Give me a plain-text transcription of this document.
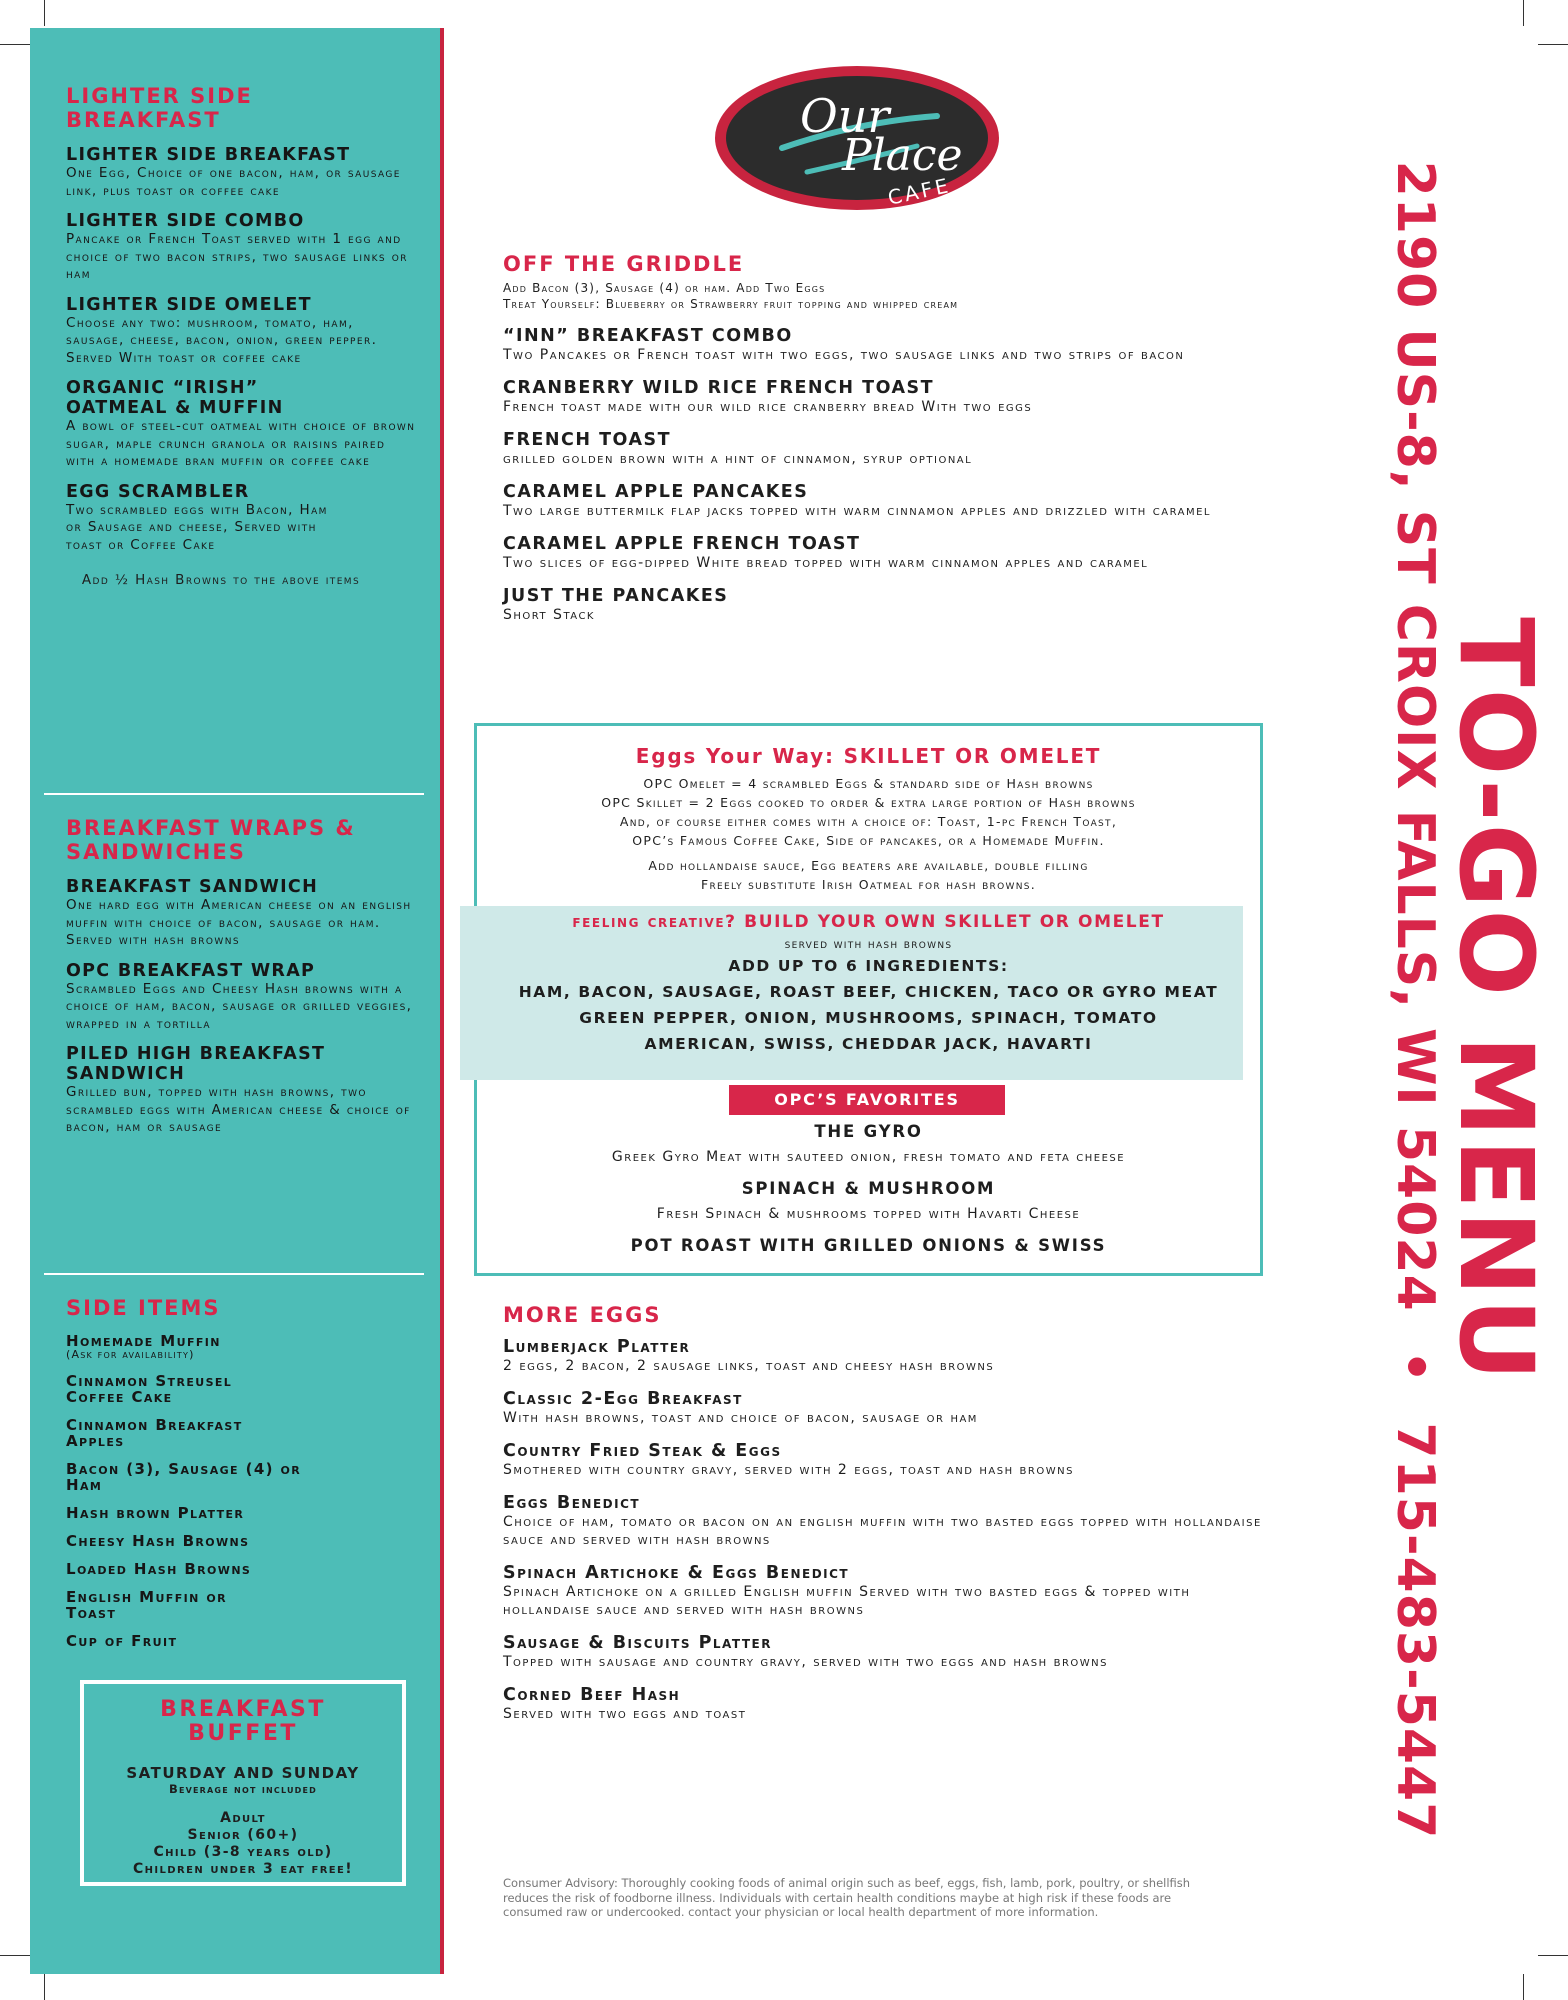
LIGHTER SIDE BREAKFAST
LIGHTER SIDE BREAKFAST
One Egg, Choice of one bacon, ham, or sausage link, plus toast or coffee cake
LIGHTER SIDE COMBO
Pancake or French Toast served with 1 egg and choice of two bacon strips, two sausage links or ham
LIGHTER SIDE OMELET
Choose any two: mushroom, tomato, ham, sausage, cheese, bacon, onion, green pepper. Served With toast or coffee cake
ORGANIC “IRISH” OATMEAL & MUFFIN
A bowl of steel-cut oatmeal with choice of brown sugar, maple crunch granola or raisins paired with a homemade bran muffin or coffee cake
EGG SCRAMBLER
Two scrambled eggs with Bacon, Ham or Sausage and cheese, Served with toast or Coffee Cake
Add ½ Hash Browns to the above items
BREAKFAST WRAPS & SANDWICHES
BREAKFAST SANDWICH
One hard egg with American cheese on an english muffin with choice of bacon, sausage or ham. Served with hash browns
OPC BREAKFAST WRAP
Scrambled Eggs and Cheesy Hash browns with a choice of ham, bacon, sausage or grilled veggies, wrapped in a tortilla
PILED HIGH BREAKFAST SANDWICH
Grilled bun, topped with hash browns, two scrambled eggs with American cheese & choice of bacon, ham or sausage
SIDE ITEMS
Homemade Muffin
(Ask for availability)
Cinnamon Streusel Coffee Cake
Cinnamon Breakfast Apples
Bacon (3), Sausage (4) or Ham
Hash brown Platter
Cheesy Hash Browns
Loaded Hash Browns
English Muffin or Toast
Cup of Fruit
BREAKFAST BUFFET
SATURDAY AND SUNDAY
Beverage not included
Adult
Senior (60+)
Child (3-8 years old)
Children under 3 eat free!
Our
Place
CAFE
OFF THE GRIDDLE
Add Bacon (3), Sausage (4) or ham. Add Two Eggs
Treat Yourself: Blueberry or Strawberry fruit topping and whipped cream
“INN” BREAKFAST COMBO
Two Pancakes or French toast with two eggs, two sausage links and two strips of bacon
CRANBERRY WILD RICE FRENCH TOAST
French toast made with our wild rice cranberry bread With two eggs
FRENCH TOAST
grilled golden brown with a hint of cinnamon, syrup optional
CARAMEL APPLE PANCAKES
Two large buttermilk flap jacks topped with warm cinnamon apples and drizzled with caramel
CARAMEL APPLE FRENCH TOAST
Two slices of egg-dipped White bread topped with warm cinnamon apples and caramel
JUST THE PANCAKES
Short Stack
Eggs Your Way: SKILLET OR OMELET
OPC Omelet = 4 scrambled Eggs & standard side of Hash browns
OPC Skillet = 2 Eggs cooked to order & extra large portion of Hash browns
And, of course either comes with a choice of: Toast, 1-pc French Toast,
OPC’s Famous Coffee Cake, Side of pancakes, or a Homemade Muffin.
Add hollandaise sauce, Egg beaters are available, double filling
Freely substitute Irish Oatmeal for hash browns.
feeling creative? BUILD YOUR OWN SKILLET OR OMELET
served with hash browns
ADD UP TO 6 INGREDIENTS:
HAM, BACON, SAUSAGE, ROAST BEEF, CHICKEN, TACO OR GYRO MEAT
GREEN PEPPER, ONION, MUSHROOMS, SPINACH, TOMATO
AMERICAN, SWISS, CHEDDAR JACK, HAVARTI
OPC’S FAVORITES
THE GYRO
Greek Gyro Meat with sauteed onion, fresh tomato and feta cheese
SPINACH & MUSHROOM
Fresh Spinach & mushrooms topped with Havarti Cheese
POT ROAST WITH GRILLED ONIONS & SWISS
MORE EGGS
Lumberjack Platter
2 eggs, 2 bacon, 2 sausage links, toast and cheesy hash browns
Classic 2-Egg Breakfast
With hash browns, toast and choice of bacon, sausage or ham
Country Fried Steak & Eggs
Smothered with country gravy, served with 2 eggs, toast and hash browns
Eggs Benedict
Choice of ham, tomato or bacon on an english muffin with two basted eggs topped with hollandaise sauce and served with hash browns
Spinach Artichoke & Eggs Benedict
Spinach Artichoke on a grilled English muffin Served with two basted eggs & topped with hollandaise sauce and served with hash browns
Sausage & Biscuits Platter
Topped with sausage and country gravy, served with two eggs and hash browns
Corned Beef Hash
Served with two eggs and toast
Consumer Advisory: Thoroughly cooking foods of animal origin such as beef, eggs, fish, lamb, pork, poultry, or shellfish reduces the risk of foodborne illness. Individuals with certain health conditions maybe at high risk if these foods are consumed raw or undercooked. contact your physician or local health department of more information.
TO-GO MENU
2190 US-8, ST CROIX FALLS, WI 54024  •  715-483-5447
